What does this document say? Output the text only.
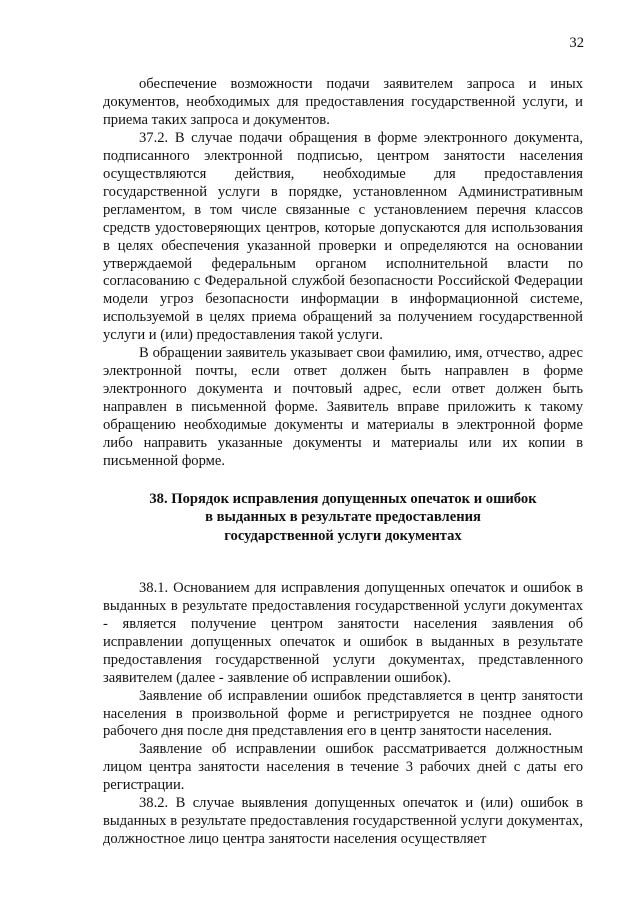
32

обеспечение возможности подачи заявителем запроса и иных документов, необходимых для предоставления государственной услуги, и приема таких запроса и документов.

37.2. В случае подачи обращения в форме электронного документа, подписанного электронной подписью, центром занятости населения осуществляются действия, необходимые для предоставления государственной услуги в порядке, установленном Административным регламентом, в том числе связанные с установлением перечня классов средств удостоверяющих центров, которые допускаются для использования в целях обеспечения указанной проверки и определяются на основании утверждаемой федеральным органом исполнительной власти по согласованию с Федеральной службой безопасности Российской Федерации модели угроз безопасности информации в информационной системе, используемой в целях приема обращений за получением государственной услуги и (или) предоставления такой услуги.

В обращении заявитель указывает свои фамилию, имя, отчество, адрес электронной почты, если ответ должен быть направлен в форме электронного документа и почтовый адрес, если ответ должен быть направлен в письменной форме. Заявитель вправе приложить к такому обращению необходимые документы и материалы в электронной форме либо направить указанные документы и материалы или их копии в письменной форме.

38. Порядок исправления допущенных опечаток и ошибок
в выданных в результате предоставления
государственной услуги документах

38.1. Основанием для исправления допущенных опечаток и ошибок в выданных в результате предоставления государственной услуги документах - является получение центром занятости населения заявления об исправлении допущенных опечаток и ошибок в выданных в результате предоставления государственной услуги документах, представленного заявителем (далее - заявление об исправлении ошибок).

Заявление об исправлении ошибок представляется в центр занятости населения в произвольной форме и регистрируется не позднее одного рабочего дня после дня представления его в центр занятости населения.

Заявление об исправлении ошибок рассматривается должностным лицом центра занятости населения в течение 3 рабочих дней с даты его регистрации.

38.2. В случае выявления допущенных опечаток и (или) ошибок в выданных в результате предоставления государственной услуги документах, должностное лицо центра занятости населения осуществляет
